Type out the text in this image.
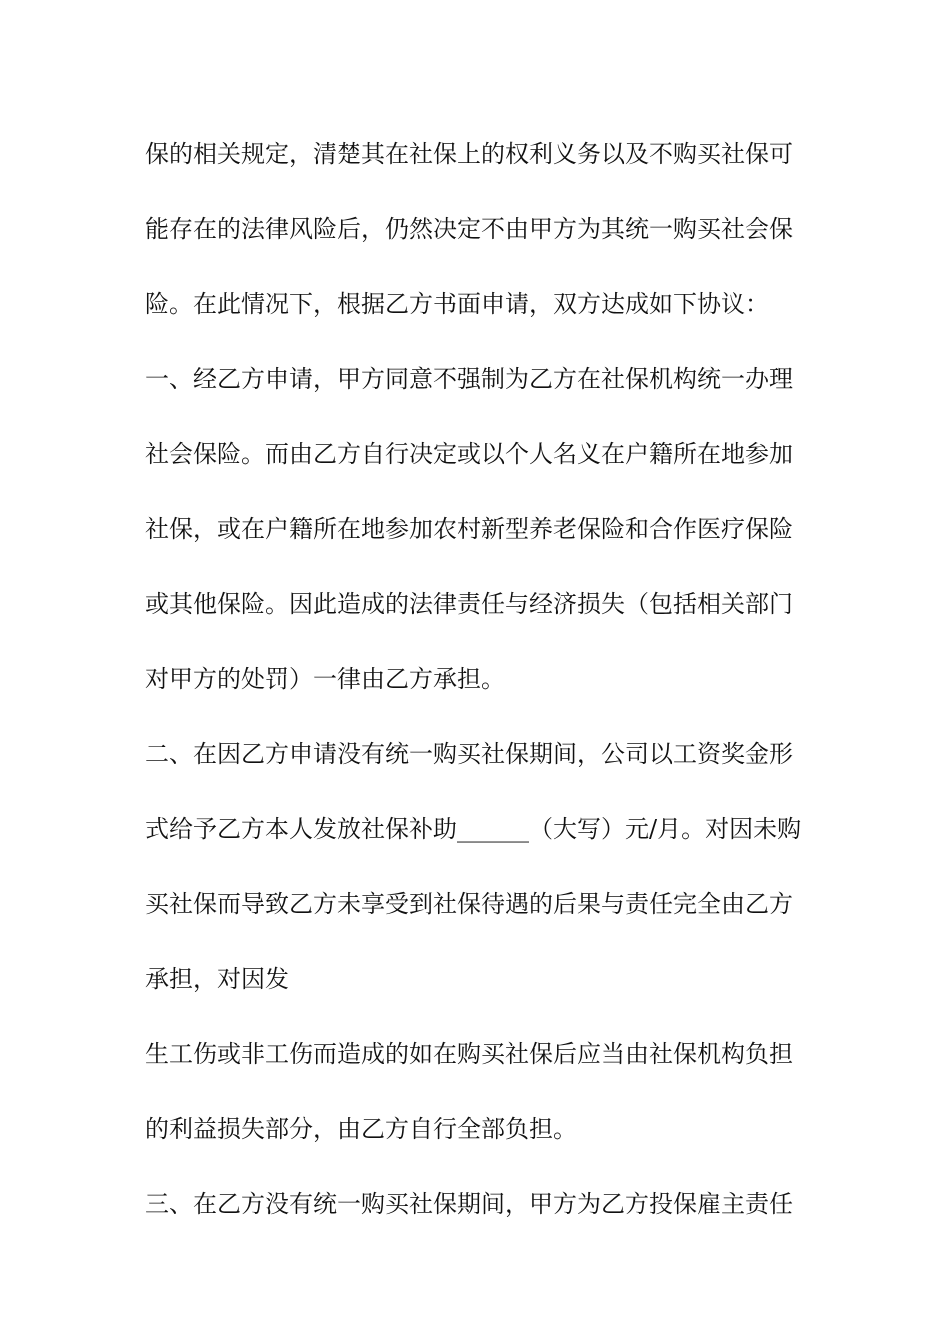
保的相关规定，清楚其在社保上的权利义务以及不购买社保可
能存在的法律风险后，仍然决定不由甲方为其统一购买社会保
险。在此情况下，根据乙方书面申请，双方达成如下协议：
一、经乙方申请，甲方同意不强制为乙方在社保机构统一办理
社会保险。而由乙方自行决定或以个人名义在户籍所在地参加
社保，或在户籍所在地参加农村新型养老保险和合作医疗保险
或其他保险。因此造成的法律责任与经济损失（包括相关部门
对甲方的处罚）一律由乙方承担。
二、在因乙方申请没有统一购买社保期间，公司以工资奖金形
式给予乙方本人发放社保补助______（大写）元/月。对因未购
买社保而导致乙方未享受到社保待遇的后果与责任完全由乙方
承担，对因发
生工伤或非工伤而造成的如在购买社保后应当由社保机构负担
的利益损失部分，由乙方自行全部负担。
三、在乙方没有统一购买社保期间，甲方为乙方投保雇主责任
